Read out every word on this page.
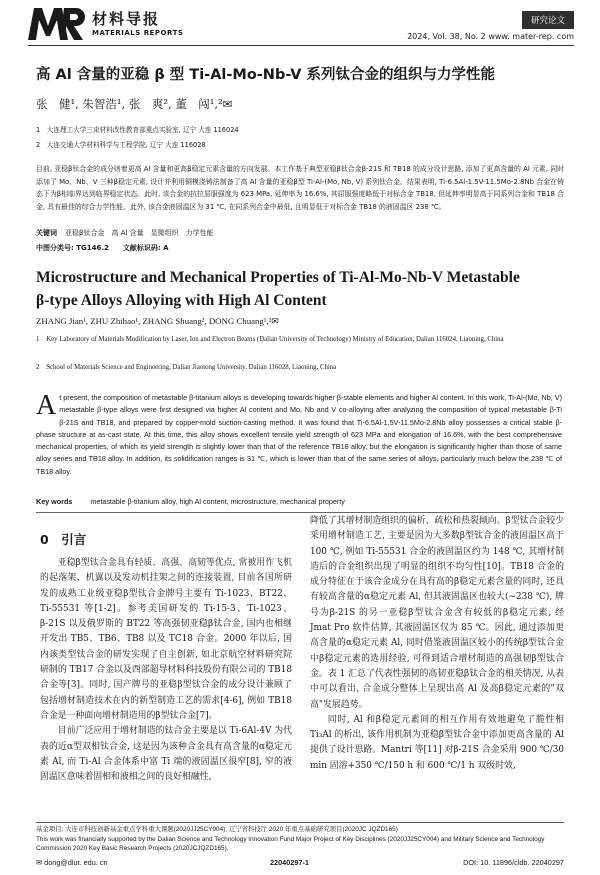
材料导报
MATERIALS REPORTS
研究论文
2024, Vol. 38, No. 2 www. mater-rep. com
高 Al 含量的亚稳 β 型 Ti-Al-Mo-Nb-V 系列钛合金的组织与力学性能
张　健¹, 朱智浩¹, 张　爽², 董　闯¹,²✉
1　大连理工大学三束材料改性教育部重点实验室, 辽宁 大连 116024
2　大连交通大学材料科学与工程学院, 辽宁 大连 116028
目前, 亚稳β钛合金的成分则着更高 Al 含量和更高β稳定元素含量的方向发展。本工作基于典型亚稳β钛合金β-21S 和 TB18 的成分设计思路, 添加了更高含量的 Al 元素, 同时添加了 Mo、Nb、V 三种β稳定元素, 设计并利用铜模浇铸法制备了高 Al 含量的亚稳β型 Ti-Al-(Mo, Nb, V) 系列钛合金。结果表明, Ti-6.5Al-1.5V-11.5Mo-2.8Nb 合金在铸态下为β相临界达到临界稳定状态。此时, 该合金的抗拉屈服强度为 623 MPa, 延伸率为 16.6%, 其屈服强度略低于对标合金 TB18, 但延伸率明显高于同系列合金和 TB18 合金, 具有最佳的综合力学性能。此外, 该合金液固温区为 31 ℃, 在同系列合金中最低, 且明显低于对标合金 TB18 的液固温区 238 ℃。
关键词 亚稳β钛合金　高 Al 含量　显微组织　力学性能
中图分类号: TG146.2　　文献标识码: A
Microstructure and Mechanical Properties of Ti-Al-Mo-Nb-V Metastable
β-type Alloys Alloying with High Al Content
ZHANG Jian¹, ZHU Zhihao¹, ZHANG Shuang², DONG Chuang¹,²✉
1　Key Laboratory of Materials Modification by Laser, Ion and Electron Beams (Dalian University of Technology) Ministry of Education, Dalian 116024, Liaoning, China
2　School of Materials Science and Engineering, Dalian Jiaotong University, Dalian 116028, Liaoning, China
At present, the composition of metastable β-titanium alloys is developing towards higher β-stable elements and higher Al content. In this work, Ti-Al-(Mo, Nb, V) metastable β-type alloys were first designed via higher Al content and Mo, Nb and V co-alloying after analyzing the composition of typical metastable β-Ti β-21S and TB18, and prepared by copper-mold suction-casting method. It was found that Ti-6.5Al-1.5V-11.5Mo-2.8Nb alloy possesses a critical stable β-phase structure at as-cast state. At this time, this alloy shows excellent tensile yield strength of 623 MPa and elongation of 16.6%, with the best comprehensive mechanical properties, of which its yield strength is slightly lower than that of the reference TB18 alloy, but the elongation is significantly higher than those of same alloy series and TB18 alloy. In addition, its solidification ranges is 31 ℃, which is lower than that of the same series of alloys, particularly much below the 238 ℃ of TB18 alloy.
Key words	metastable β-titanium alloy, high Al content, microstructure, mechanical property
0　引言

亚稳β型钛合金具有轻质、高强、高韧等优点, 常被用作飞机的起落架、机翼以及发动机挂架之间的连接装置, 目前各国所研发的成熟工业级亚稳β型钛合金牌号主要有 Ti-1023、BT22、Ti-55531 等[1-2]。参考美国研发的 Ti-15-3、Ti-1023、β-21S 以及俄罗斯的 BT22 等高强韧亚稳β钛合金, 国内也相继开发出 TB5、TB6、TB8 以及 TC18 合金。2000 年以后, 国内该类型钛合金的研发实现了自主创新, 如北京航空材料研究院研制的 TB17 合金以及西部超导材料科技股份有限公司的 TB18 合金等[3]。同时, 国产牌号的亚稳β型钛合金的成分设计兼顾了包括增材制造技术在内的新型制造工艺的需求[4-6], 例如 TB18 合金是一种面向增材制造用的β型钛合金[7]。

目前广泛应用于增材制造的钛合金主要是以 Ti-6Al-4V 为代表的近α型双相钛合金, 这是因为该种合金具有高含量的α稳定元素 Al, 而 Ti-Al 合金体系中富 Ti 端的液固温区很窄[8], 窄的液固温区意味着固相和液相之间的良好相融性,

降低了其增材制造组织的偏析、疏松和热裂倾向。β型钛合金较少采用增材制造工艺, 主要是因为大多数β型钛合金的液固温区高于 100 ℃, 例如 Ti-55531 合金的液固温区约为 148 ℃, 其增材制造后的合金组织出现了明显的组织不均匀性[10]。TB18 合金的成分特征在于该合金成分在具有高的β稳定元素含量的同时, 还具有较高含量的α稳定元素 Al, 但其液固温区也较大(~238 ℃), 牌号为β-21S 的另一亚稳β型钛合金含有较低的β稳定元素, 经 Jmat Pro 软件估算, 其液固温区仅为 85 ℃。因此, 通过添加更高含量的α稳定元素 Al, 同时借鉴液固温区较小的传统β型钛合金中β稳定元素的选用经验, 可得到适合增材制造的高强韧β型钛合金。表 1 汇总了代表性强韧的高韧亚稳β钛合金的相关情况, 从表中可以看出, 合金成分整体上呈现出高 Al 及高β稳定元素的"双高"发展趋势。

同时, Al 和β稳定元素间的相互作用有效地避免了脆性相 Ti₃Al 的析出, 该作用机制为亚稳β型钛合金中添加更高含量的 Al 提供了设计思路。Mantri 等[11] 对β-21S 合金采用 900 ℃/30 min 固溶+350 ℃/150 h 和 600 ℃/1 h 双级时效,

基金项目: 大连市科技创新基金重点学科重大课题(2020JJ25CY004); 辽宁省科技厅 2020 年重点基础研究项目(2020JC JQZD165)
This work was financially supported by the Dalian Science and Technology Innovation Fund Major Project of Key Disciplines (2020JJ25CY004) and Military Science and Technology Commission 2020 Key Basic Research Projects (2020JCJQZD165).
✉ dong@dlut. edu. cn	22040297-1	DOI: 10. 11896/cldb. 22040297
